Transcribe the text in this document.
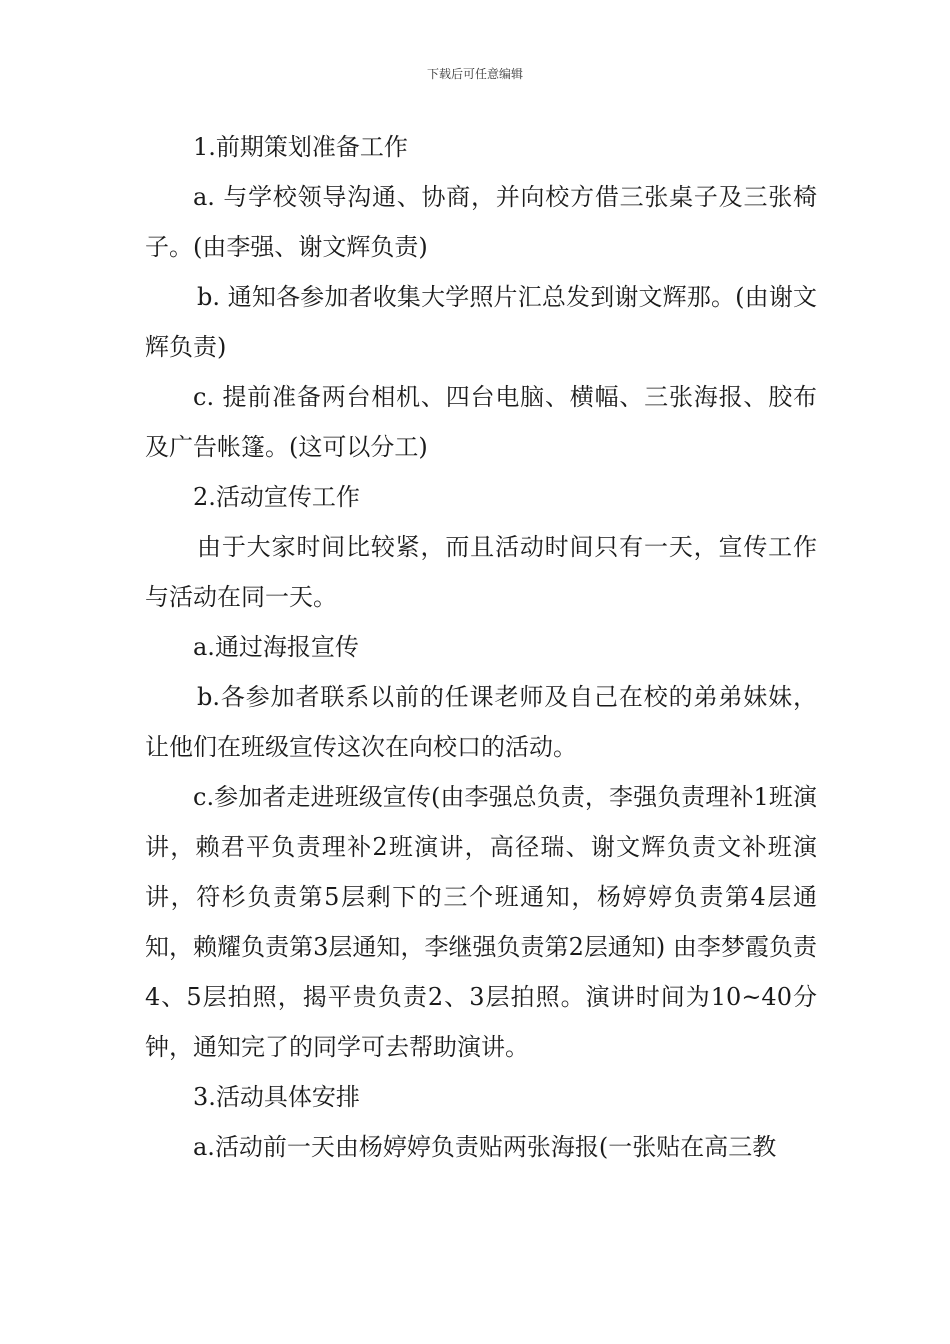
下载后可任意编辑

1.前期策划准备工作

a. 与学校领导沟通、协商，并向校方借三张桌子及三张椅子。(由李强、谢文辉负责)

b. 通知各参加者收集大学照片汇总发到谢文辉那。(由谢文辉负责)

c. 提前准备两台相机、四台电脑、横幅、三张海报、胶布及广告帐篷。(这可以分工)

2.活动宣传工作

由于大家时间比较紧，而且活动时间只有一天，宣传工作与活动在同一天。

a.通过海报宣传

b.各参加者联系以前的任课老师及自己在校的弟弟妹妹，让他们在班级宣传这次在向校口的活动。

c.参加者走进班级宣传(由李强总负责，李强负责理补1班演讲，赖君平负责理补2班演讲，高径瑞、谢文辉负责文补班演讲，符杉负责第5层剩下的三个班通知，杨婷婷负责第4层通知，赖耀负责第3层通知，李继强负责第2层通知) 由李梦霞负责4、5层拍照，揭平贵负责2、3层拍照。演讲时间为10~40分钟，通知完了的同学可去帮助演讲。

3.活动具体安排

a.活动前一天由杨婷婷负责贴两张海报(一张贴在高三教
